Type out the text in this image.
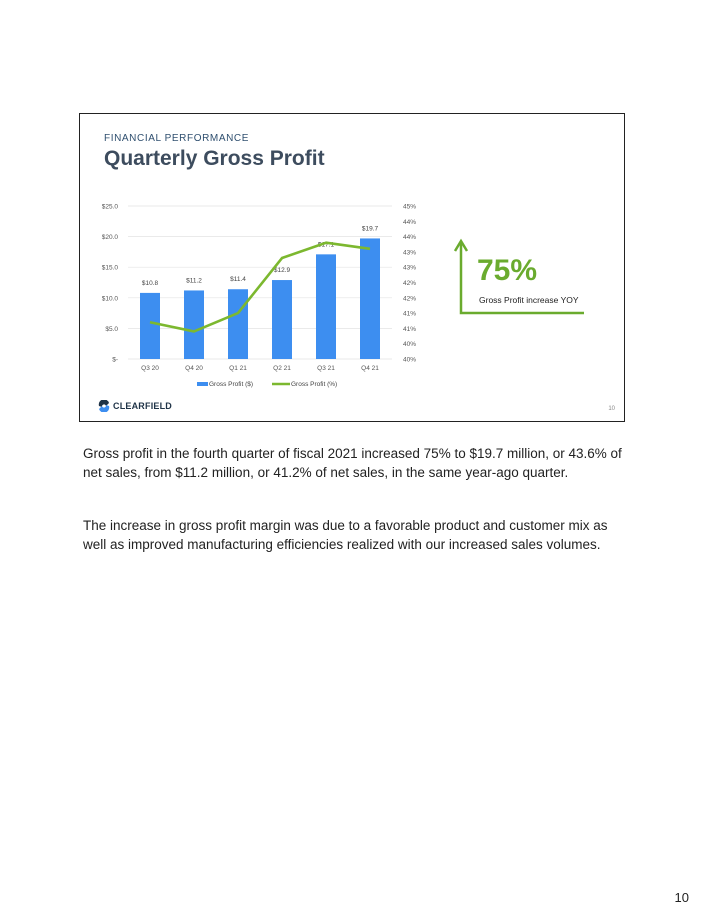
FINANCIAL PERFORMANCE
Quarterly Gross Profit
$-
$5.0
$10.0
$15.0
$20.0
$25.0
40%
40%
41%
41%
42%
42%
43%
43%
44%
44%
45%
$10.8	$11.2	$11.4
$12.9
$17.1
$19.7
Q3 20	Q4 20	Q1 21	Q2 21	Q3 21	Q4 21
Gross Profit ($)	Gross Profit (%)
75%
Gross Profit increase YOY
CLEARFIELD	10

Gross profit in the fourth quarter of fiscal 2021 increased 75% to $19.7 million, or 43.6% of net sales, from $11.2 million, or 41.2% of net sales, in the same year-ago quarter.

The increase in gross profit margin was due to a favorable product and customer mix as well as improved manufacturing efficiencies realized with our increased sales volumes.

10
